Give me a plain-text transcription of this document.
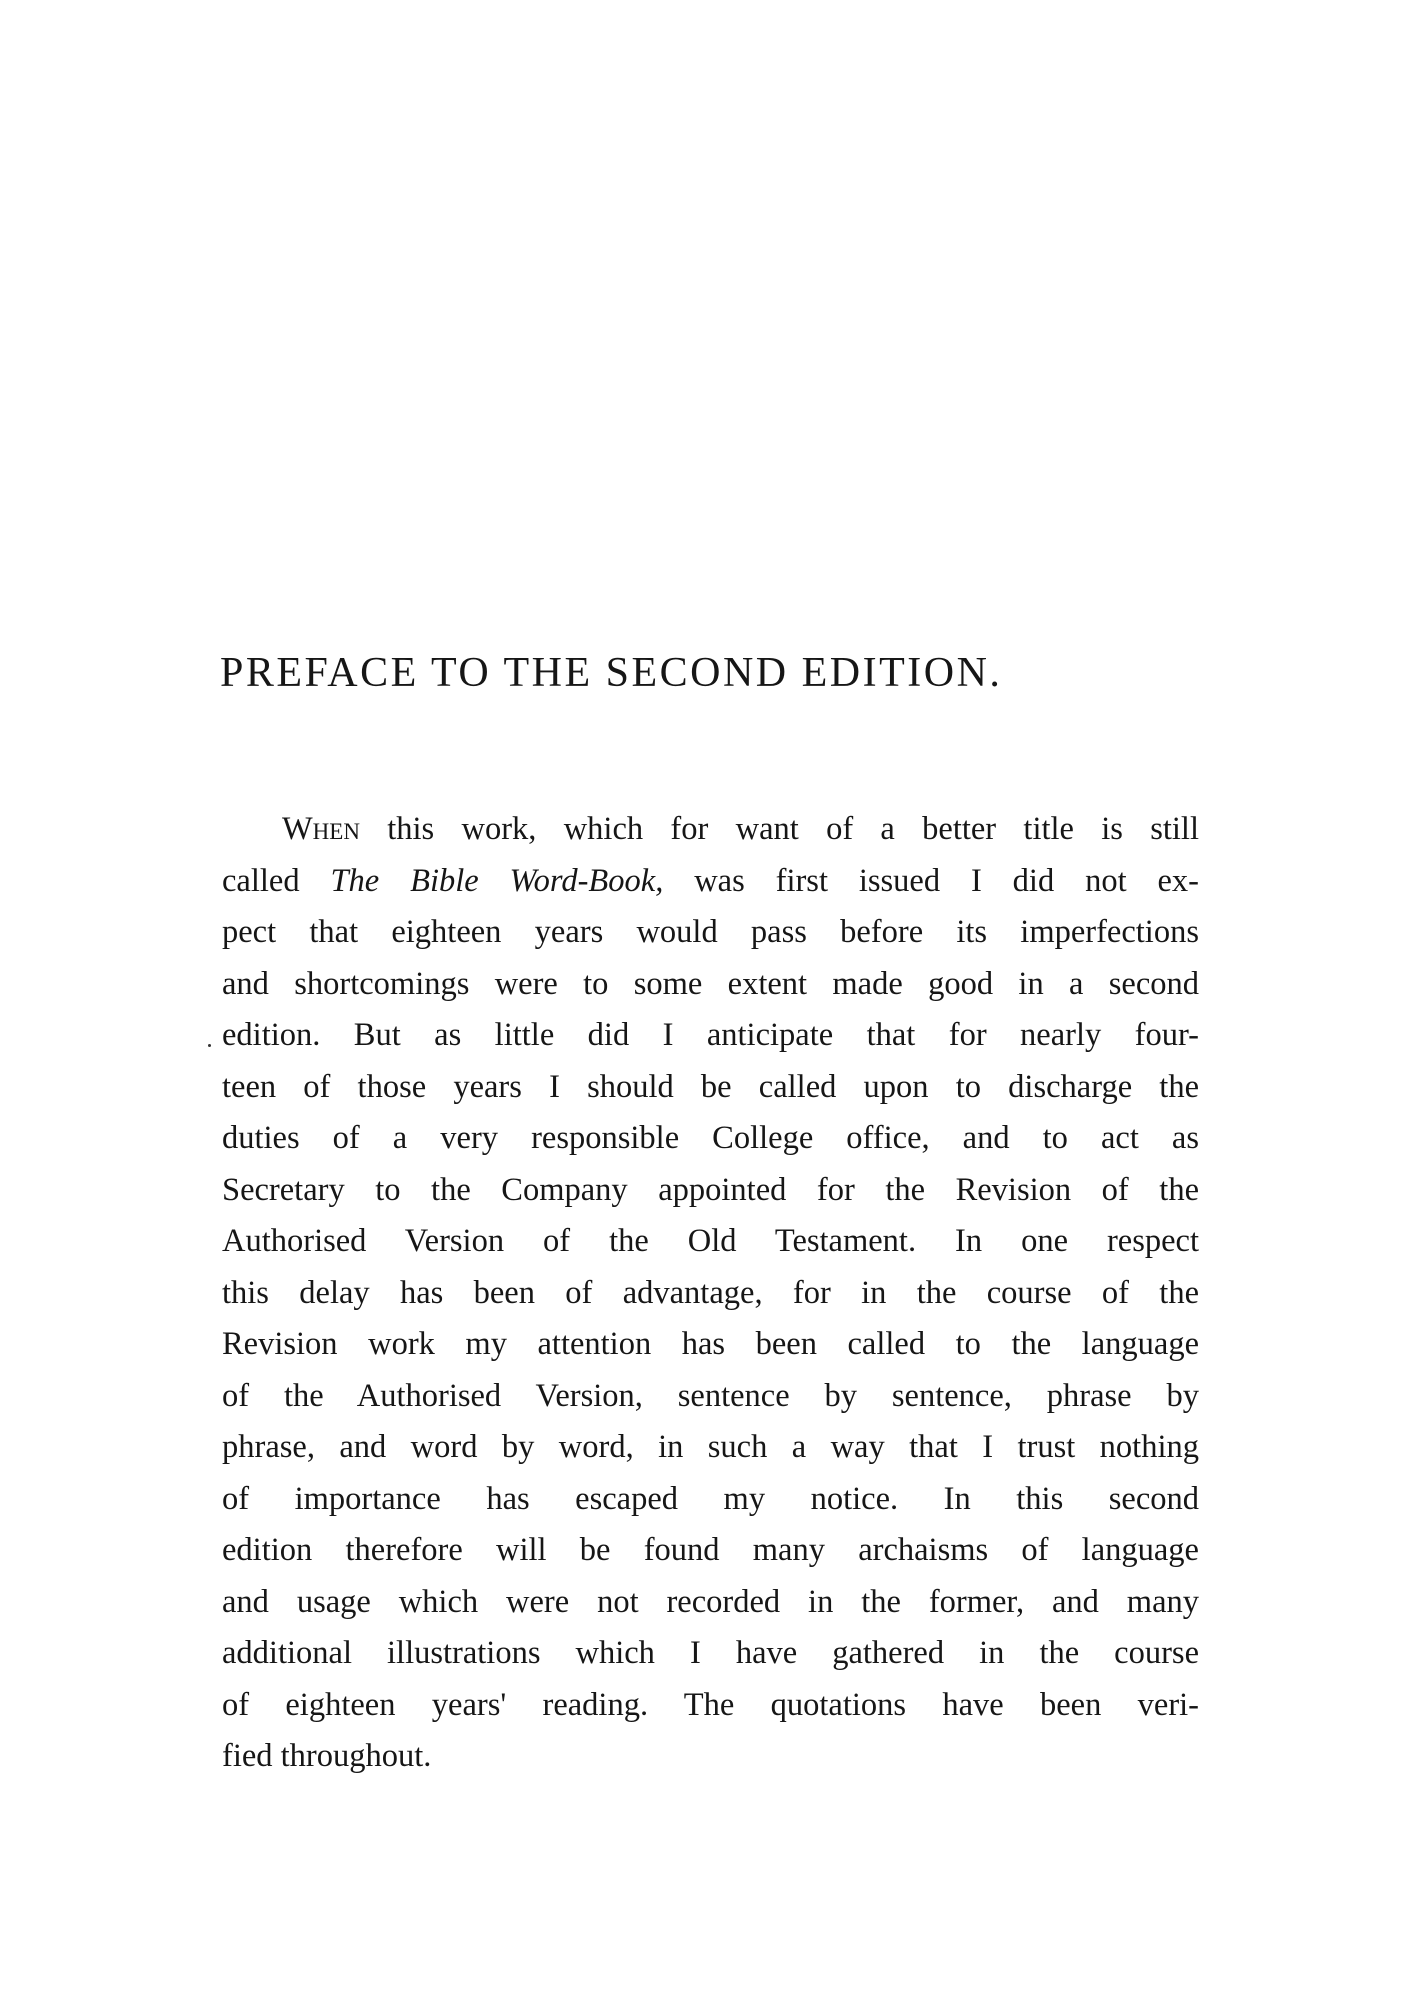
PREFACE TO THE SECOND EDITION.
When this work, which for want of a better title is still
called The Bible Word-Book, was first issued I did not ex-
pect that eighteen years would pass before its imperfections
and shortcomings were to some extent made good in a second
edition. But as little did I anticipate that for nearly four-
teen of those years I should be called upon to discharge the
duties of a very responsible College office, and to act as
Secretary to the Company appointed for the Revision of the
Authorised Version of the Old Testament. In one respect
this delay has been of advantage, for in the course of the
Revision work my attention has been called to the language
of the Authorised Version, sentence by sentence, phrase by
phrase, and word by word, in such a way that I trust nothing
of importance has escaped my notice. In this second
edition therefore will be found many archaisms of language
and usage which were not recorded in the former, and many
additional illustrations which I have gathered in the course
of eighteen years' reading. The quotations have been veri-
fied throughout.
